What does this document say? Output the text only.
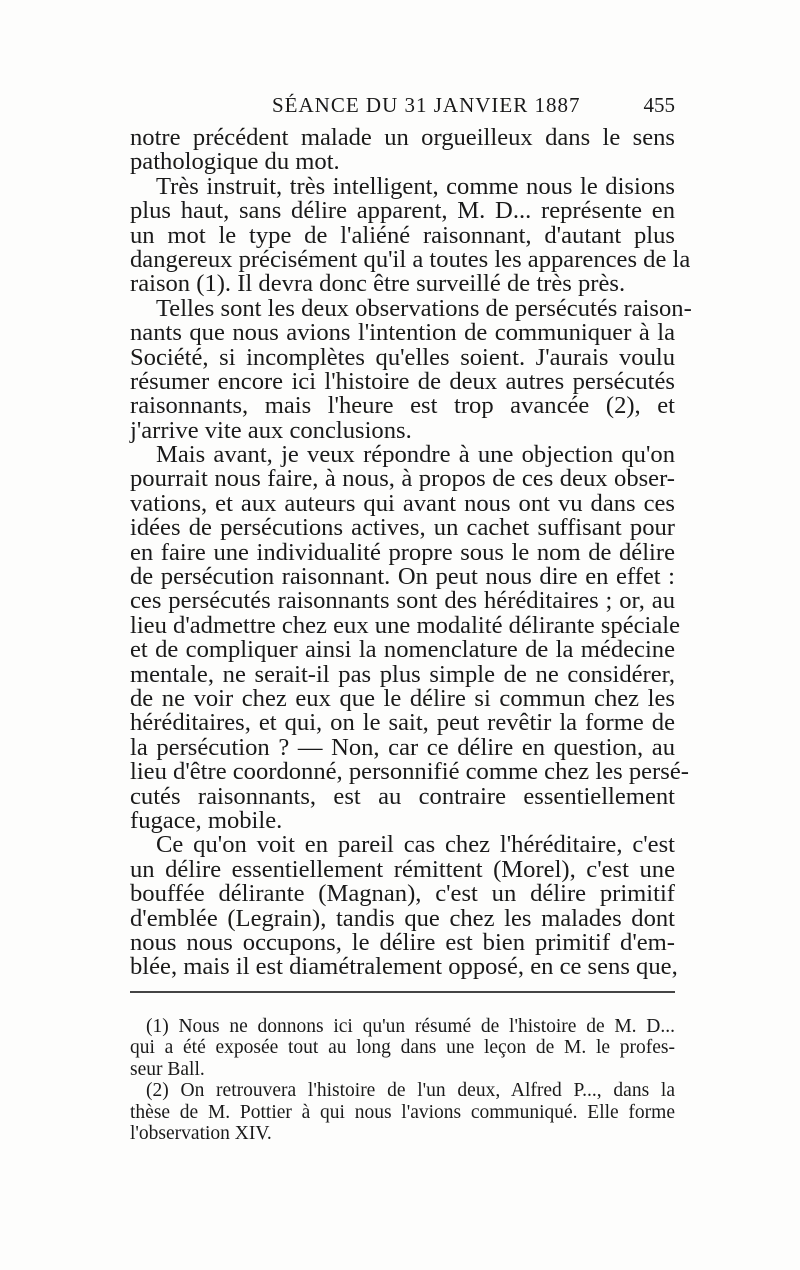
SÉANCE DU 31 JANVIER 1887	455
notre précédent malade un orgueilleux dans le sens
pathologique du mot.
Très instruit, très intelligent, comme nous le disions
plus haut, sans délire apparent, M. D... représente en
un mot le type de l'aliéné raisonnant, d'autant plus
dangereux précisément qu'il a toutes les apparences de la
raison (1). Il devra donc être surveillé de très près.
Telles sont les deux observations de persécutés raison-
nants que nous avions l'intention de communiquer à la
Société, si incomplètes qu'elles soient. J'aurais voulu
résumer encore ici l'histoire de deux autres persécutés
raisonnants, mais l'heure est trop avancée (2), et
j'arrive vite aux conclusions.
Mais avant, je veux répondre à une objection qu'on
pourrait nous faire, à nous, à propos de ces deux obser-
vations, et aux auteurs qui avant nous ont vu dans ces
idées de persécutions actives, un cachet suffisant pour
en faire une individualité propre sous le nom de délire
de persécution raisonnant. On peut nous dire en effet :
ces persécutés raisonnants sont des héréditaires ; or, au
lieu d'admettre chez eux une modalité délirante spéciale
et de compliquer ainsi la nomenclature de la médecine
mentale, ne serait-il pas plus simple de ne considérer,
de ne voir chez eux que le délire si commun chez les
héréditaires, et qui, on le sait, peut revêtir la forme de
la persécution ? — Non, car ce délire en question, au
lieu d'être coordonné, personnifié comme chez les persé-
cutés raisonnants, est au contraire essentiellement
fugace, mobile.
Ce qu'on voit en pareil cas chez l'héréditaire, c'est
un délire essentiellement rémittent (Morel), c'est une
bouffée délirante (Magnan), c'est un délire primitif
d'emblée (Legrain), tandis que chez les malades dont
nous nous occupons, le délire est bien primitif d'em-
blée, mais il est diamétralement opposé, en ce sens que,
(1) Nous ne donnons ici qu'un résumé de l'histoire de M. D...
qui a été exposée tout au long dans une leçon de M. le profes-
seur Ball.
(2) On retrouvera l'histoire de l'un deux, Alfred P..., dans la
thèse de M. Pottier à qui nous l'avions communiqué. Elle forme
l'observation XIV.
